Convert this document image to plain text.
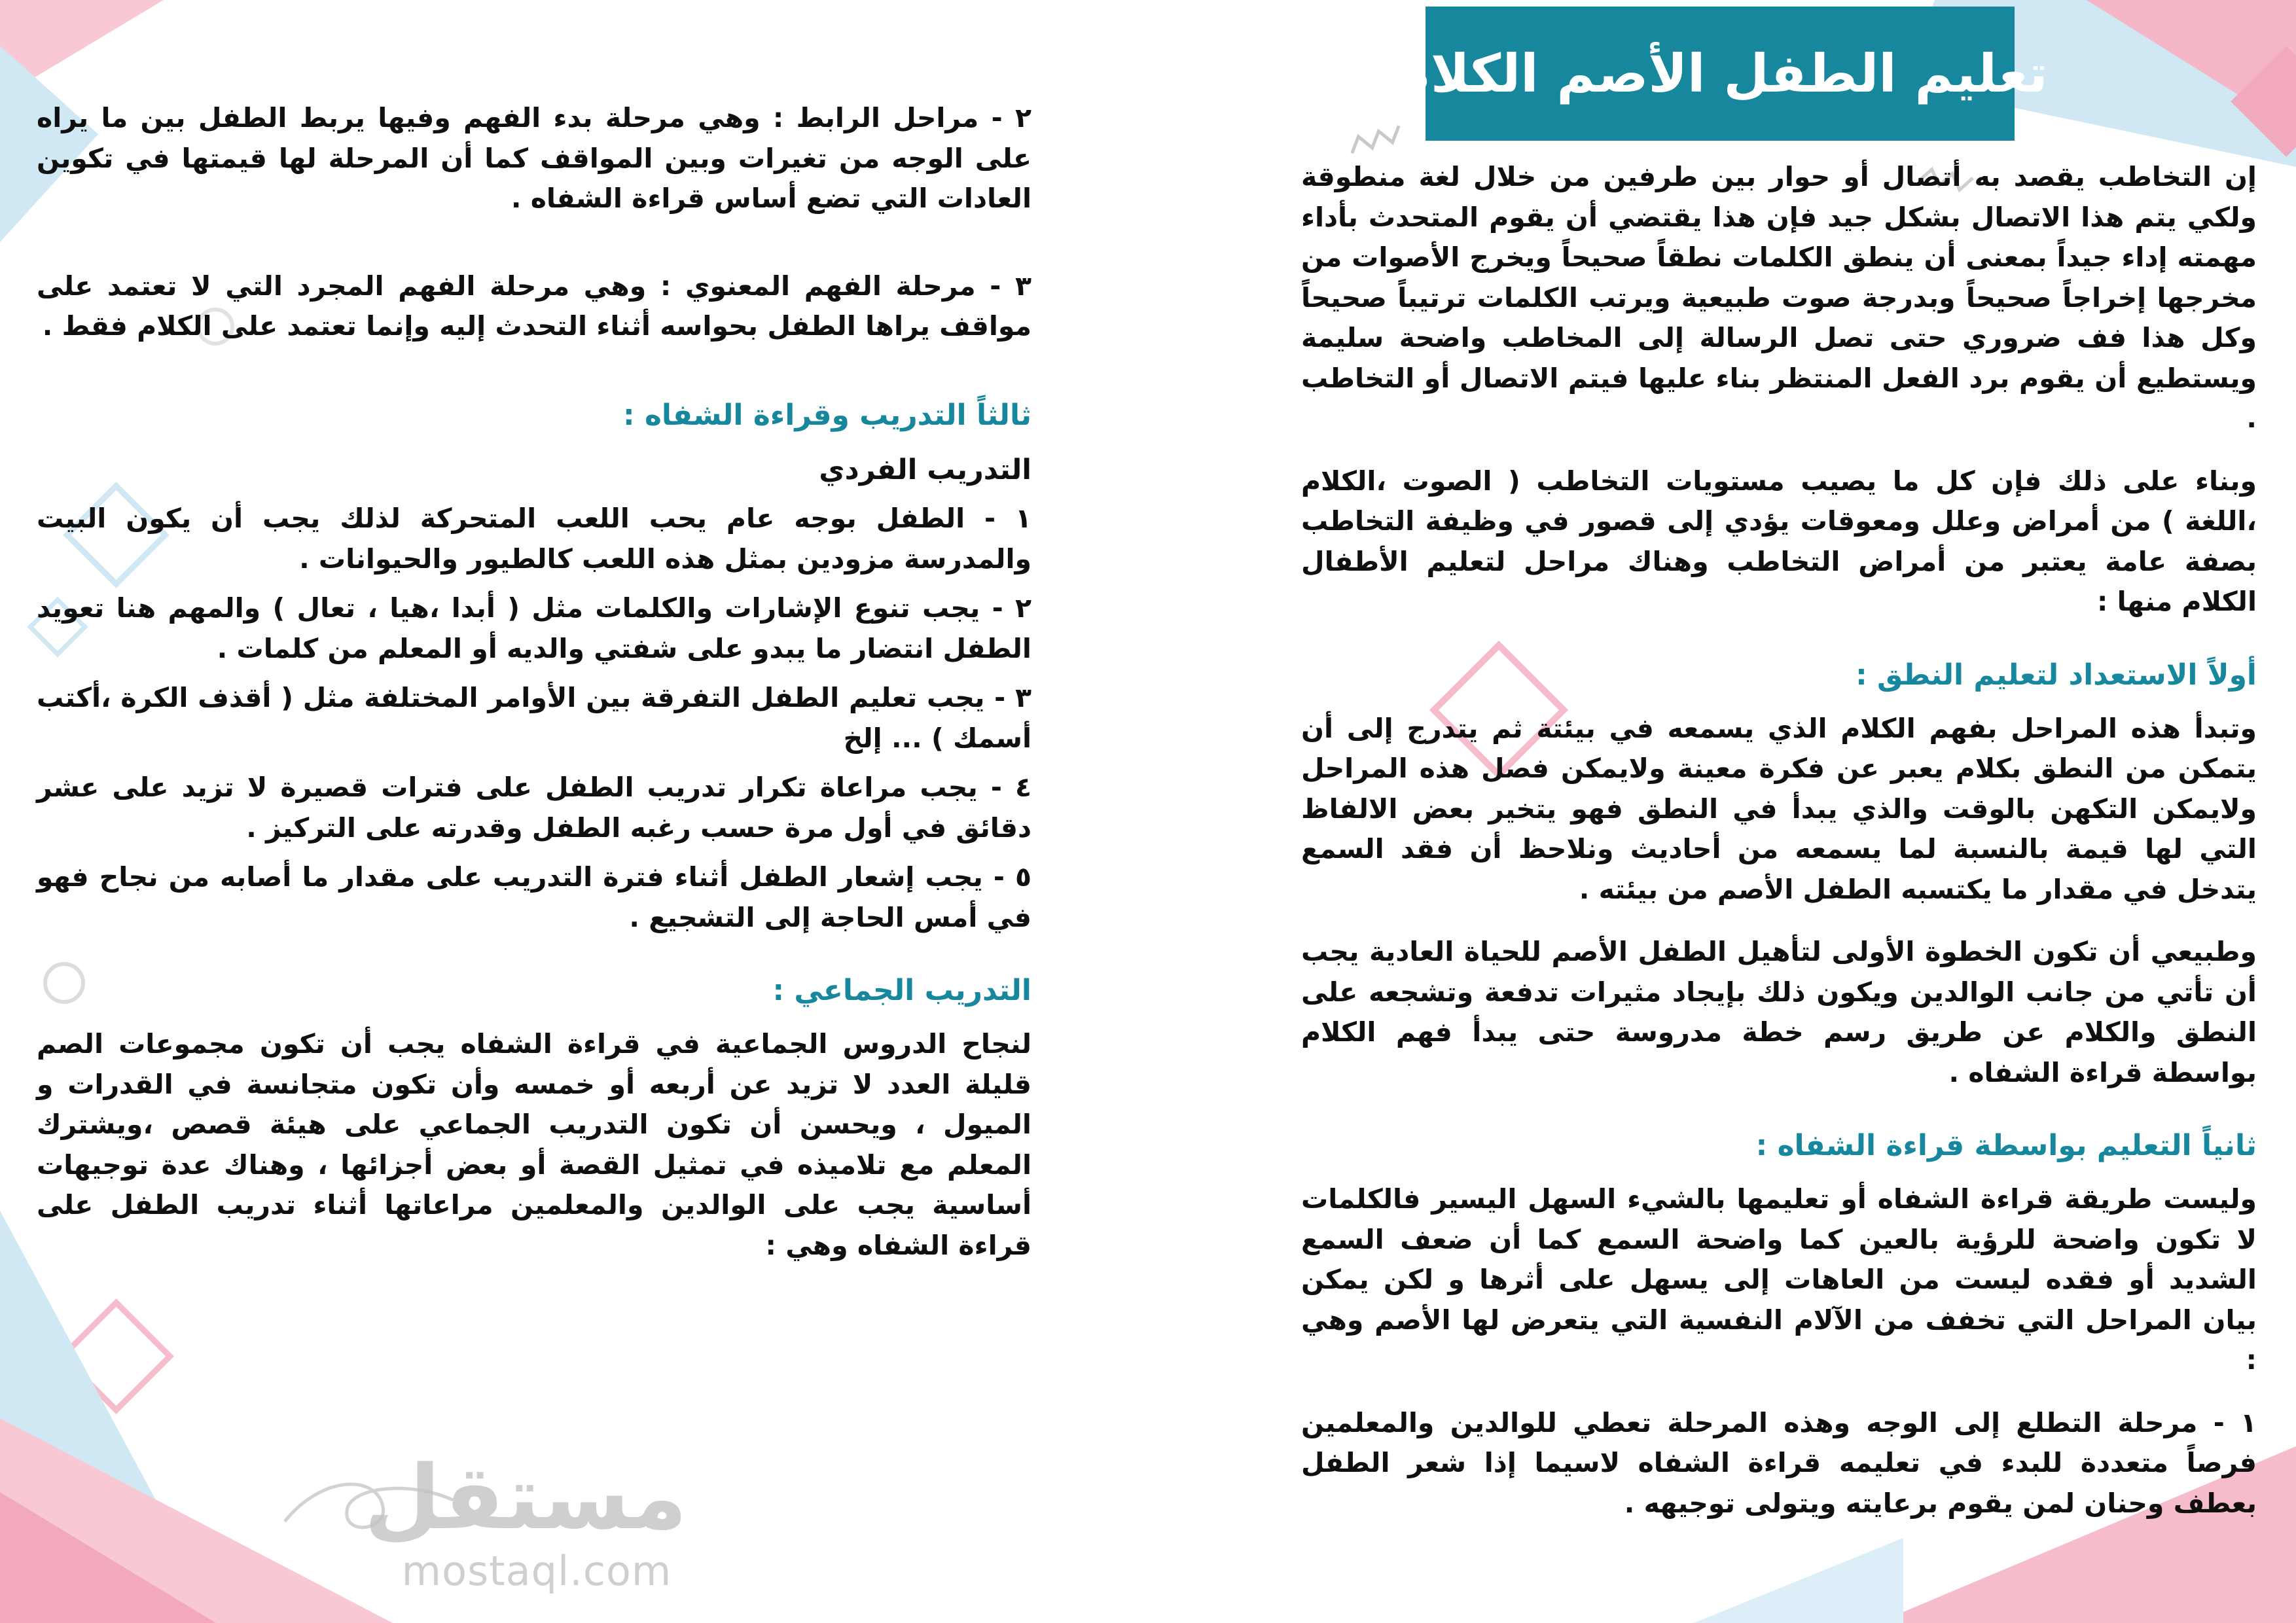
مستقل
mostaql.com
تعليم الطفل الأصم الكلام

إن التخاطب يقصد به أتصال أو حوار بين طرفين من خلال لغة منطوقة ولكي يتم هذا الاتصال بشكل جيد فإن هذا يقتضي أن يقوم المتحدث بأداء مهمته إداء جيداً بمعنى أن ينطق الكلمات نطقاً صحيحاً ويخرج الأصوات من مخرجها إخراجاً صحيحاً وبدرجة صوت طبيعية ويرتب الكلمات ترتيباً صحيحاً وكل هذا فف ضروري حتى تصل الرسالة إلى المخاطب واضحة سليمة ويستطيع أن يقوم برد الفعل المنتظر بناء عليها فيتم الاتصال أو التخاطب .

وبناء على ذلك فإن كل ما يصيب مستويات التخاطب ( الصوت ،الكلام ،اللغة ) من أمراض وعلل ومعوقات يؤدي إلى قصور في وظيفة التخاطب بصفة عامة يعتبر من أمراض التخاطب وهناك مراحل لتعليم الأطفال الكلام منها :

أولاً الاستعداد لتعليم النطق :

وتبدأ هذه المراحل بفهم الكلام الذي يسمعه في بيئتة ثم يتدرج إلى أن يتمكن من النطق بكلام يعبر عن فكرة معينة ولايمكن فصل هذه المراحل ولايمكن التكهن بالوقت والذي يبدأ في النطق فهو يتخير بعض الالفاظ التي لها قيمة بالنسبة لما يسمعه من أحاديث ونلاحظ أن فقد السمع يتدخل في مقدار ما يكتسبه الطفل الأصم من بيئته .

وطبيعي أن تكون الخطوة الأولى لتأهيل الطفل الأصم للحياة العادية يجب أن تأتي من جانب الوالدين ويكون ذلك بإيجاد مثيرات تدفعة وتشجعه على النطق والكلام عن طريق رسم خطة مدروسة حتى يبدأ فهم الكلام بواسطة قراءة الشفاه .

ثانياً التعليم بواسطة قراءة الشفاه :

وليست طريقة قراءة الشفاه أو تعليمها بالشيء السهل اليسير فالكلمات لا تكون واضحة للرؤية بالعين كما واضحة السمع كما أن ضعف السمع الشديد أو فقده ليست من العاهات إلى يسهل على أثرها و لكن يمكن بيان المراحل التي تخفف من الآلام النفسية التي يتعرض لها الأصم وهي :

١ - مرحلة التطلع إلى الوجه وهذه المرحلة تعطي للوالدين والمعلمين فرصاً متعددة للبدء في تعليمه قراءة الشفاه لاسيما إذا شعر الطفل بعطف وحنان لمن يقوم برعايته ويتولى توجيهه .

٢ - مراحل الرابط : وهي مرحلة بدء الفهم وفيها يربط الطفل بين ما يراه على الوجه من تغيرات وبين المواقف كما أن المرحلة لها قيمتها في تكوين العادات التي تضع أساس قراءة الشفاه .

٣ - مرحلة الفهم المعنوي : وهي مرحلة الفهم المجرد التي لا تعتمد على مواقف يراها الطفل بحواسه أثناء التحدث إليه وإنما تعتمد على الكلام فقط .

ثالثاً التدريب وقراءة الشفاه :
التدريب الفردي

١ - الطفل بوجه عام يحب اللعب المتحركة لذلك يجب أن يكون البيت والمدرسة مزودين بمثل هذه اللعب كالطيور والحيوانات .

٢ - يجب تنوع الإشارات والكلمات مثل ( أبدا ،هيا ، تعال ) والمهم هنا تعويد الطفل انتضار ما يبدو على شفتي والديه أو المعلم من كلمات .

٣ - يجب تعليم الطفل التفرقة بين الأوامر المختلفة مثل ( أقذف الكرة ،أكتب أسمك ) ... إلخ

٤ - يجب مراعاة تكرار تدريب الطفل على فترات قصيرة لا تزيد على عشر دقائق في أول مرة حسب رغبه الطفل وقدرته على التركيز .

٥ - يجب إشعار الطفل أثناء فترة التدريب على مقدار ما أصابه من نجاح فهو في أمس الحاجة إلى التشجيع .

التدريب الجماعي :

لنجاح الدروس الجماعية في قراءة الشفاه يجب أن تكون مجموعات الصم قليلة العدد لا تزيد عن أربعه أو خمسه وأن تكون متجانسة في القدرات و الميول ، ويحسن أن تكون التدريب الجماعي على هيئة قصص ،ويشترك المعلم مع تلاميذه في تمثيل القصة أو بعض أجزائها ، وهناك عدة توجيهات أساسية يجب على الوالدين والمعلمين مراعاتها أثناء تدريب الطفل على قراءة الشفاه وهي :
